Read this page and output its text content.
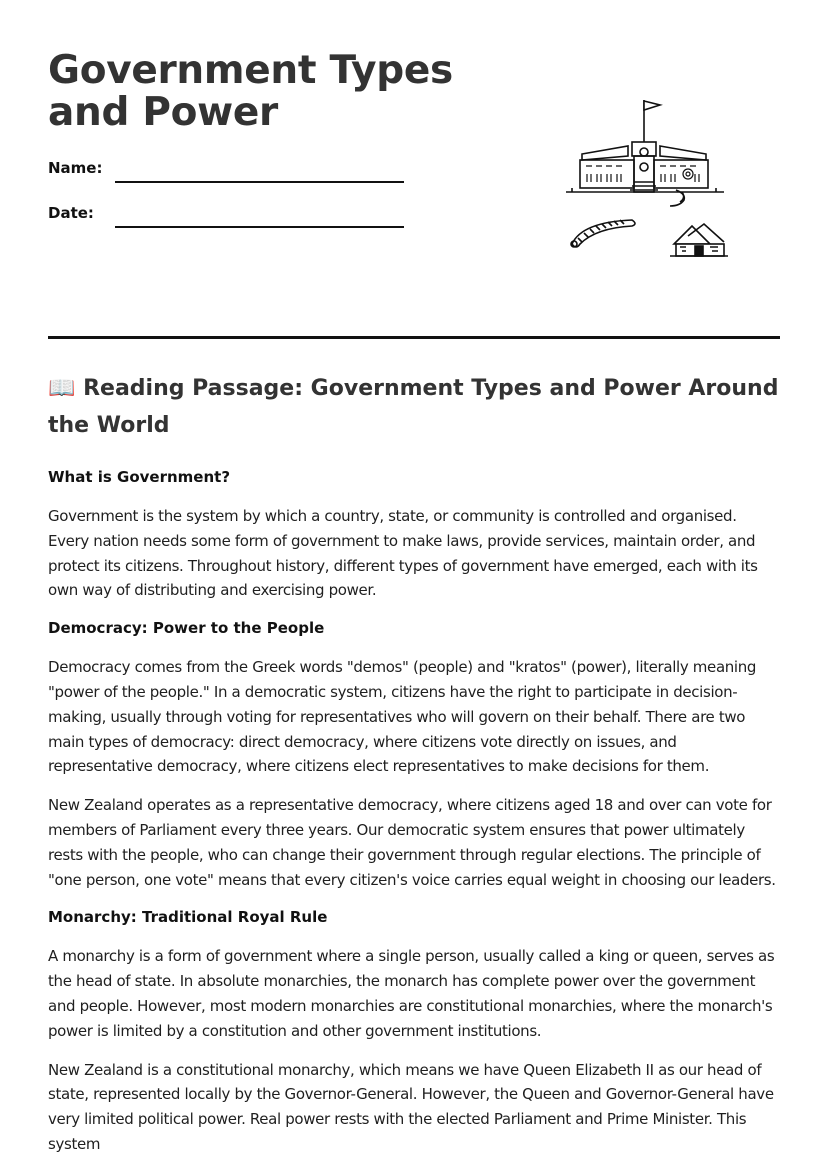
Government Types and Power
Name:
Date:
📖 Reading Passage: Government Types and Power Around the World
What is Government?

Government is the system by which a country, state, or community is controlled and organised. Every nation needs some form of government to make laws, provide services, maintain order, and protect its citizens. Throughout history, different types of government have emerged, each with its own way of distributing and exercising power.

Democracy: Power to the People

Democracy comes from the Greek words "demos" (people) and "kratos" (power), literally meaning "power of the people." In a democratic system, citizens have the right to participate in decision-making, usually through voting for representatives who will govern on their behalf. There are two main types of democracy: direct democracy, where citizens vote directly on issues, and representative democracy, where citizens elect representatives to make decisions for them.

New Zealand operates as a representative democracy, where citizens aged 18 and over can vote for members of Parliament every three years. Our democratic system ensures that power ultimately rests with the people, who can change their government through regular elections. The principle of "one person, one vote" means that every citizen's voice carries equal weight in choosing our leaders.

Monarchy: Traditional Royal Rule

A monarchy is a form of government where a single person, usually called a king or queen, serves as the head of state. In absolute monarchies, the monarch has complete power over the government and people. However, most modern monarchies are constitutional monarchies, where the monarch's power is limited by a constitution and other government institutions.

New Zealand is a constitutional monarchy, which means we have Queen Elizabeth II as our head of state, represented locally by the Governor-General. However, the Queen and Governor-General have very limited political power. Real power rests with the elected Parliament and Prime Minister. This system
